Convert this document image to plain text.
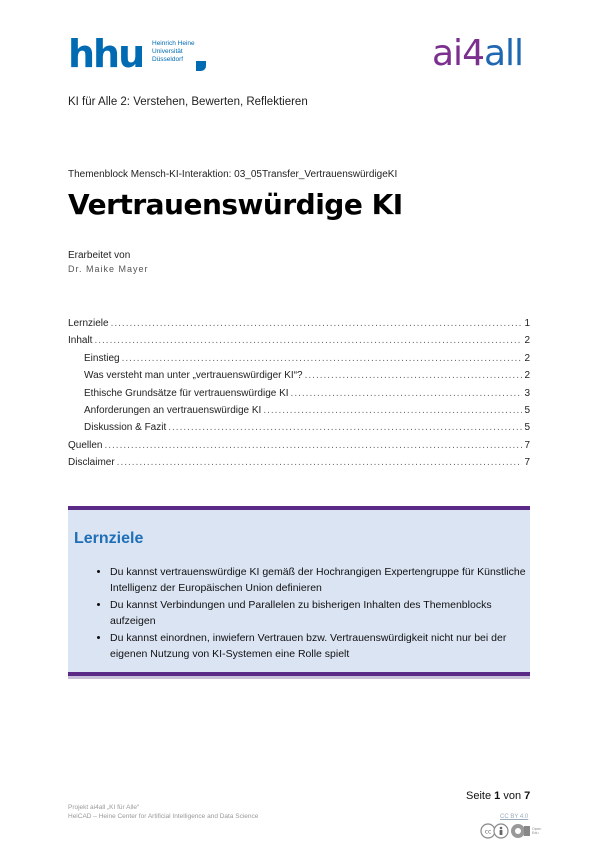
hhu Heinrich Heine
Universität
Düsseldorf	ai4all
KI für Alle 2: Verstehen, Bewerten, Reflektieren
Themenblock Mensch-KI-Interaktion: 03_05Transfer_VertrauenswürdigeKI
Vertrauenswürdige KI
Erarbeitet von
Dr. Maike Mayer
Lernziele .....	1
Inhalt .....	2
Einstieg .....	2
Was versteht man unter „vertrauenswürdiger KI“? .....	2
Ethische Grundsätze für vertrauenswürdige KI .....	3
Anforderungen an vertrauenswürdige KI .....	5
Diskussion & Fazit .....	5
Quellen .....	7
Disclaimer .....	7
Lernziele
• Du kannst vertrauenswürdige KI gemäß der Hochrangigen Expertengruppe für Künstliche Intelligenz der Europäischen Union definieren
• Du kannst Verbindungen und Parallelen zu bisherigen Inhalten des Themenblocks aufzeigen
• Du kannst einordnen, inwiefern Vertrauen bzw. Vertrauenswürdigkeit nicht nur bei der eigenen Nutzung von KI-Systemen eine Rolle spielt
Seite 1 von 7
Projekt ai4all „KI für Alle“
HeiCAD – Heine Center for Artificial Intelligence and Data Science	CC BY 4.0
cc	Open
Edu
